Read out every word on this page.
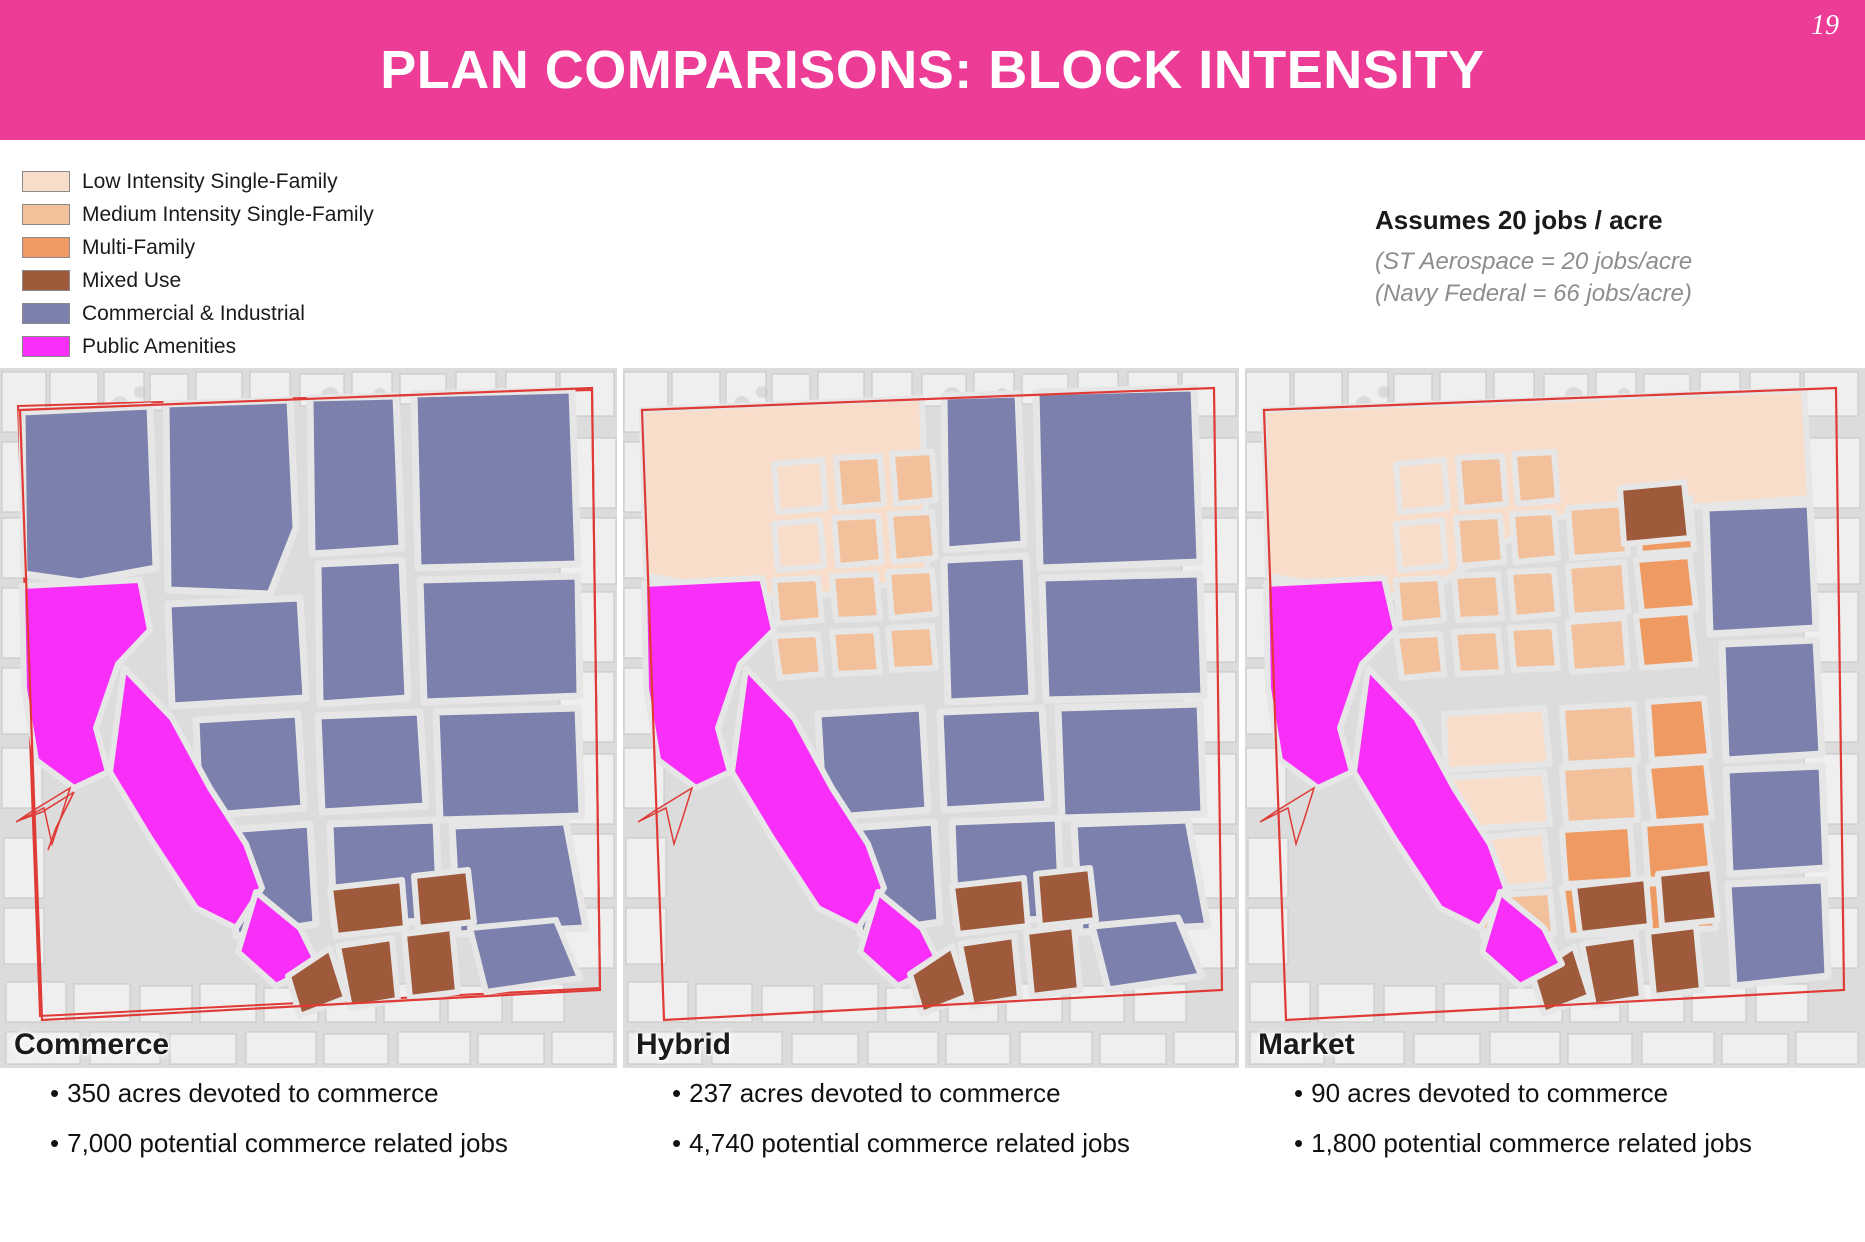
PLAN COMPARISONS: BLOCK INTENSITY
19
Low Intensity Single-Family
Medium Intensity Single-Family
Multi-Family
Mixed Use
Commercial & Industrial
Public Amenities
Assumes 20 jobs / acre
(ST Aerospace = 20 jobs/acre
(Navy Federal = 66 jobs/acre)
Commerce	Hybrid	Market
• 350 acres devoted to commerce
• 7,000 potential commerce related jobs
• 237 acres devoted to commerce
• 4,740 potential commerce related jobs
• 90 acres devoted to commerce
• 1,800 potential commerce related jobs
